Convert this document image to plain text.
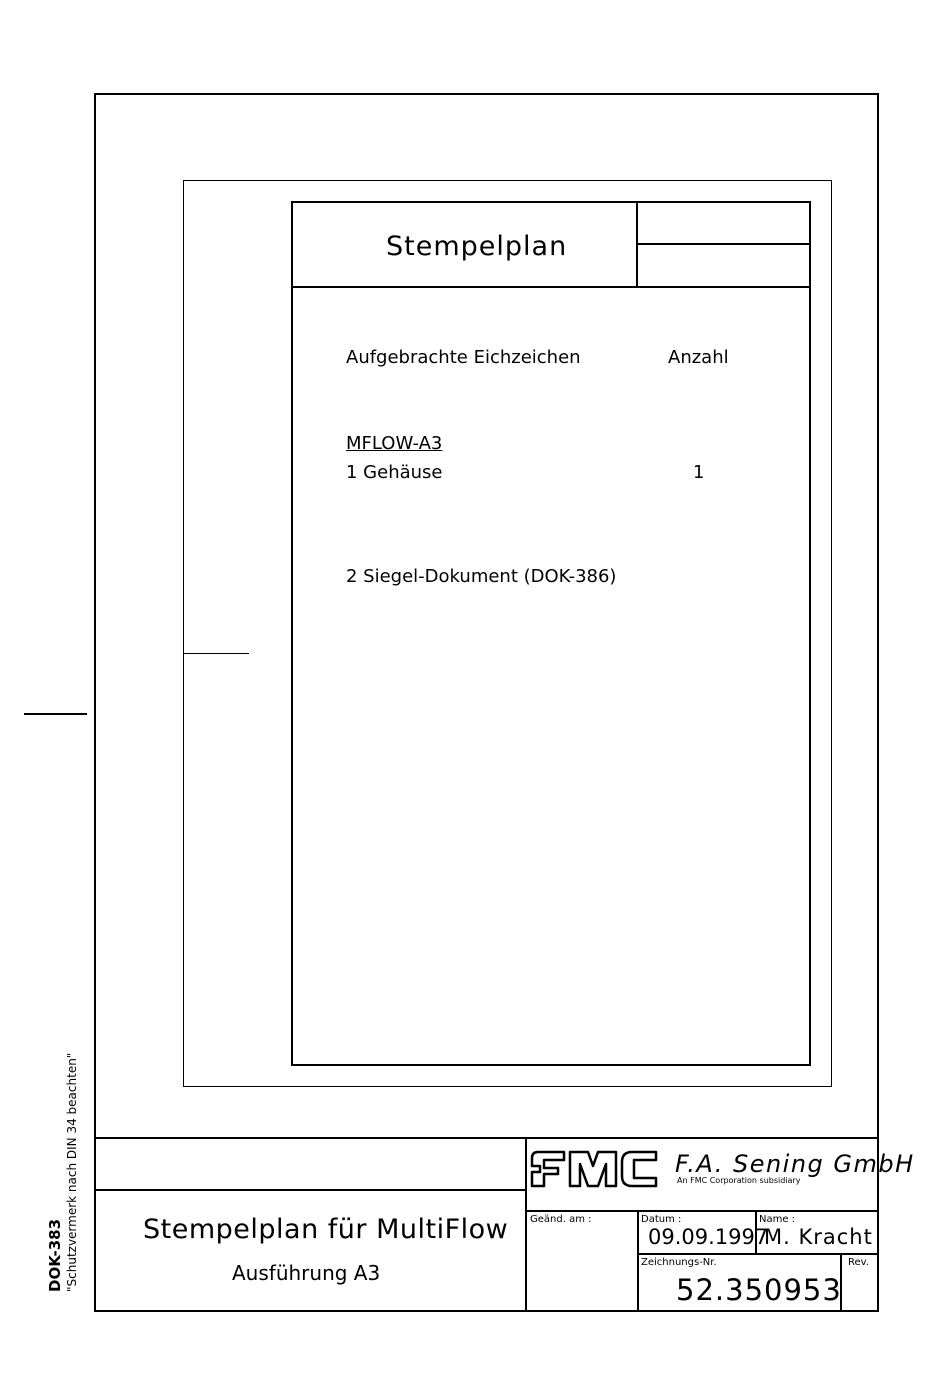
Stempelplan
Aufgebrachte Eichzeichen	Anzahl
MFLOW-A3
1 Gehäuse	1
2 Siegel-Dokument (DOK-386)
Stempelplan für MultiFlow
Ausführung A3
F.A. Sening GmbH
An FMC Corporation subsidiary
Geänd. am :	Datum :
09.09.1997
Name :
M. Kracht
Zeichnungs-Nr.
52.350953
Rev.
DOK-383 "Schutzvermerk nach DIN 34 beachten"
